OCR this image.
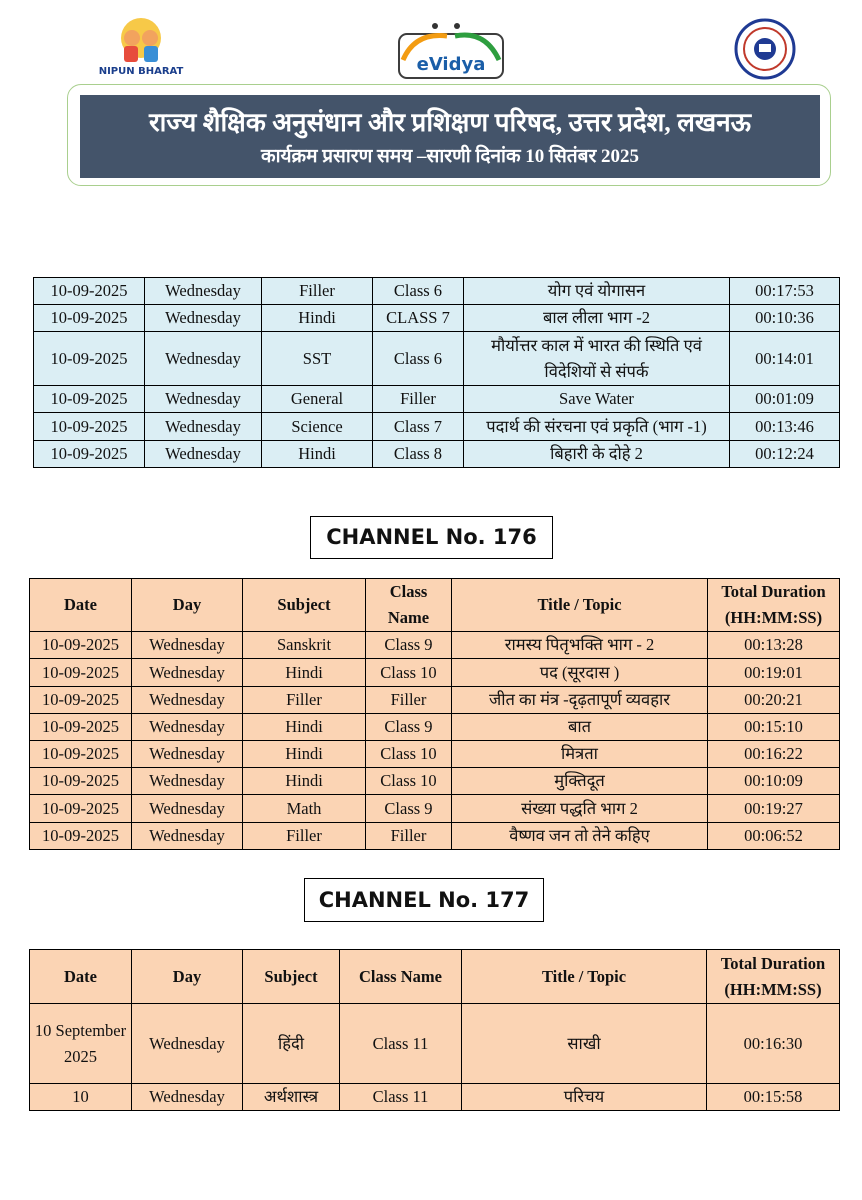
NIPUN BHARAT	eVidya
राज्य शैक्षिक अनुसंधान और प्रशिक्षण परिषद, उत्तर प्रदेश, लखनऊ
कार्यक्रम प्रसारण समय –सारणी दिनांक 10 सितंबर 2025
10-09-2025	Wednesday	Filler	Class 6	योग एवं योगासन	00:17:53
10-09-2025	Wednesday	Hindi	CLASS 7	बाल लीला भाग -2	00:10:36
10-09-2025	Wednesday	SST	Class 6	मौर्योत्तर काल में भारत की स्थिति एवं विदेशियों से संपर्क	00:14:01
10-09-2025	Wednesday	General	Filler	Save Water	00:01:09
10-09-2025	Wednesday	Science	Class 7	पदार्थ की संरचना एवं प्रकृति (भाग -1)	00:13:46
10-09-2025	Wednesday	Hindi	Class 8	बिहारी के दोहे 2	00:12:24
CHANNEL No. 176
Date	Day	Subject	Class Name	Title / Topic	Total Duration (HH:MM:SS)
10-09-2025	Wednesday	Sanskrit	Class 9	रामस्य पितृभक्ति भाग - 2	00:13:28
10-09-2025	Wednesday	Hindi	Class 10	पद (सूरदास )	00:19:01
10-09-2025	Wednesday	Filler	Filler	जीत का मंत्र -दृढ़तापूर्ण व्यवहार	00:20:21
10-09-2025	Wednesday	Hindi	Class 9	बात	00:15:10
10-09-2025	Wednesday	Hindi	Class 10	मित्रता	00:16:22
10-09-2025	Wednesday	Hindi	Class 10	मुक्तिदूत	00:10:09
10-09-2025	Wednesday	Math	Class 9	संख्या पद्धति भाग 2	00:19:27
10-09-2025	Wednesday	Filler	Filler	वैष्णव जन तो तेने कहिए	00:06:52
CHANNEL No. 177
Date	Day	Subject	Class Name	Title / Topic	Total Duration (HH:MM:SS)
10 September 2025	Wednesday	हिंदी	Class 11	साखी	00:16:30
10	Wednesday	अर्थशास्त्र	Class 11	परिचय	00:15:58
